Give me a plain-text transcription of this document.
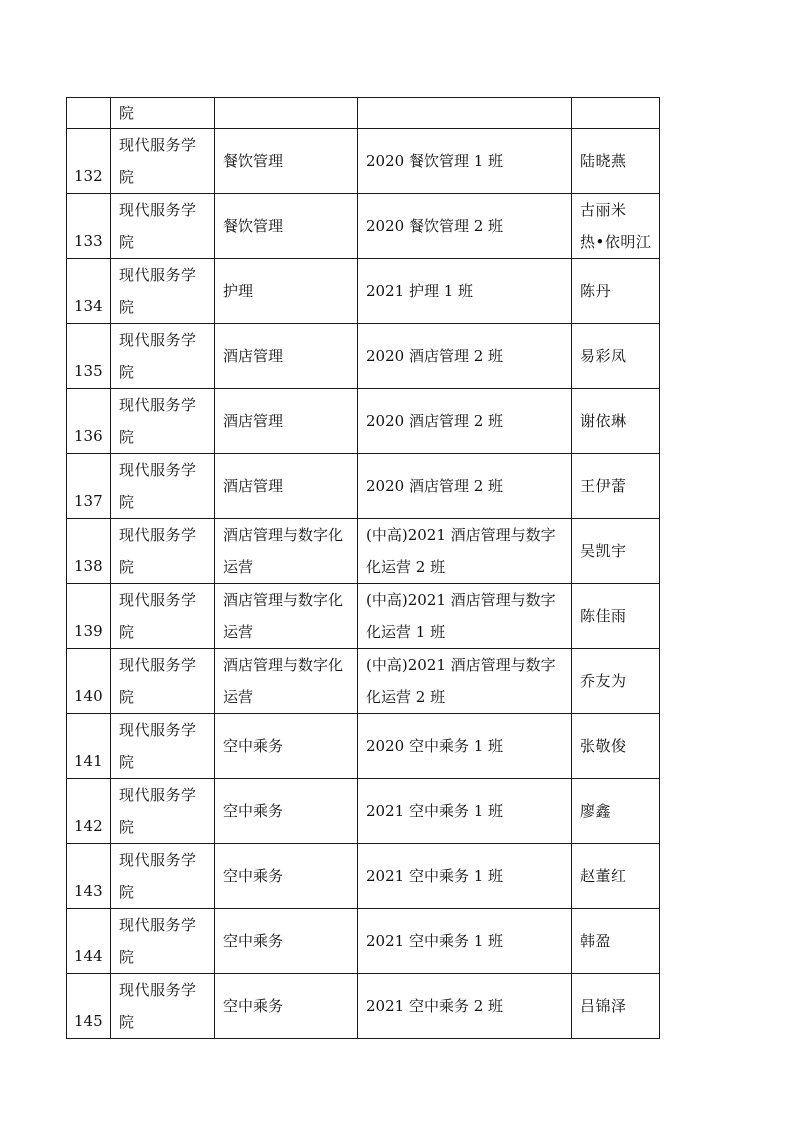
	院			

132	现代服务学
院	餐饮管理	2020 餐饮管理 1 班	陆晓燕

133	现代服务学
院	餐饮管理	2020 餐饮管理 2 班	古丽米
热•依明江

134	现代服务学
院	护理	2021 护理 1 班	陈丹

135	现代服务学
院	酒店管理	2020 酒店管理 2 班	易彩凤

136	现代服务学
院	酒店管理	2020 酒店管理 2 班	谢依琳

137	现代服务学
院	酒店管理	2020 酒店管理 2 班	王伊蕾

138	现代服务学
院	酒店管理与数字化
运营	(中高)2021 酒店管理与数字
化运营 2 班	吴凯宇

139	现代服务学
院	酒店管理与数字化
运营	(中高)2021 酒店管理与数字
化运营 1 班	陈佳雨

140	现代服务学
院	酒店管理与数字化
运营	(中高)2021 酒店管理与数字
化运营 2 班	乔友为

141	现代服务学
院	空中乘务	2020 空中乘务 1 班	张敬俊

142	现代服务学
院	空中乘务	2021 空中乘务 1 班	廖鑫

143	现代服务学
院	空中乘务	2021 空中乘务 1 班	赵董红

144	现代服务学
院	空中乘务	2021 空中乘务 1 班	韩盈

145	现代服务学
院	空中乘务	2021 空中乘务 2 班	吕锦泽
